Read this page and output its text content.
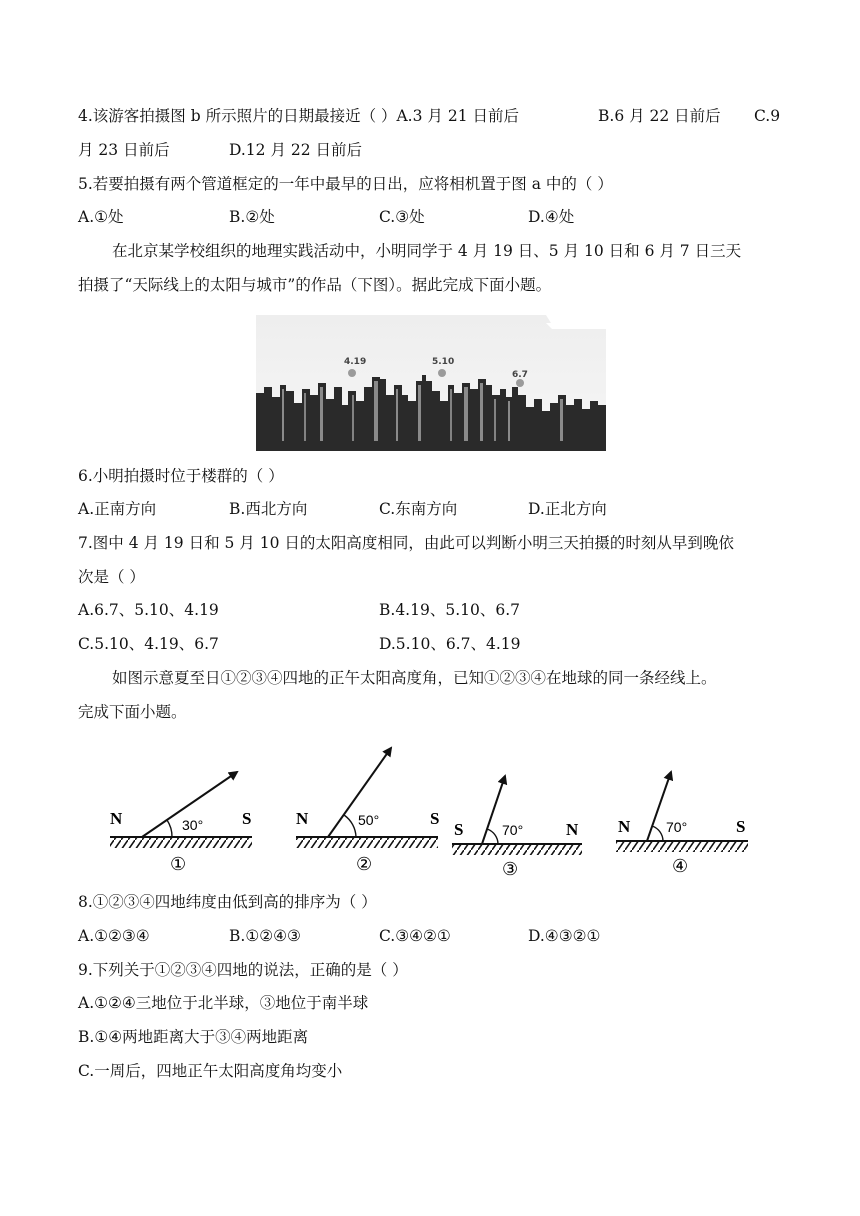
4.该游客拍摄图 b 所示照片的日期最接近（ ）A.3 月 21 日前后	B.6 月 22 日前后 C.9
月 23 日前后	D.12 月 22 日前后
5.若要拍摄有两个管道框定的一年中最早的日出，应将相机置于图 a 中的（ ）
A.①处	B.②处	C.③处	D.④处
在北京某学校组织的地理实践活动中，小明同学于 4 月 19 日、5 月 10 日和 6 月 7 日三天
拍摄了“天际线上的太阳与城市”的作品（下图）。据此完成下面小题。
4.19	5.10
6.7
6.小明拍摄时位于楼群的（ ）
A.正南方向	B.西北方向	C.东南方向	D.正北方向
7.图中 4 月 19 日和 5 月 10 日的太阳高度相同，由此可以判断小明三天拍摄的时刻从早到晚依
次是（ ）
A.6.7、5.10、4.19	B.4.19、5.10、6.7
C.5.10、4.19、6.7	D.5.10、6.7、4.19
如图示意夏至日①②③④四地的正午太阳高度角，已知①②③④在地球的同一条经线上。
完成下面小题。
N	S
30°
①
N	S
50°
②
S	N
70°
③
N	S
70°
④
8.①②③④四地纬度由低到高的排序为（ ）
A.①②③④	B.①②④③	C.③④②①	D.④③②①
9.下列关于①②③④四地的说法，正确的是（ ）
A.①②④三地位于北半球，③地位于南半球
B.①④两地距离大于③④两地距离
C.一周后，四地正午太阳高度角均变小
